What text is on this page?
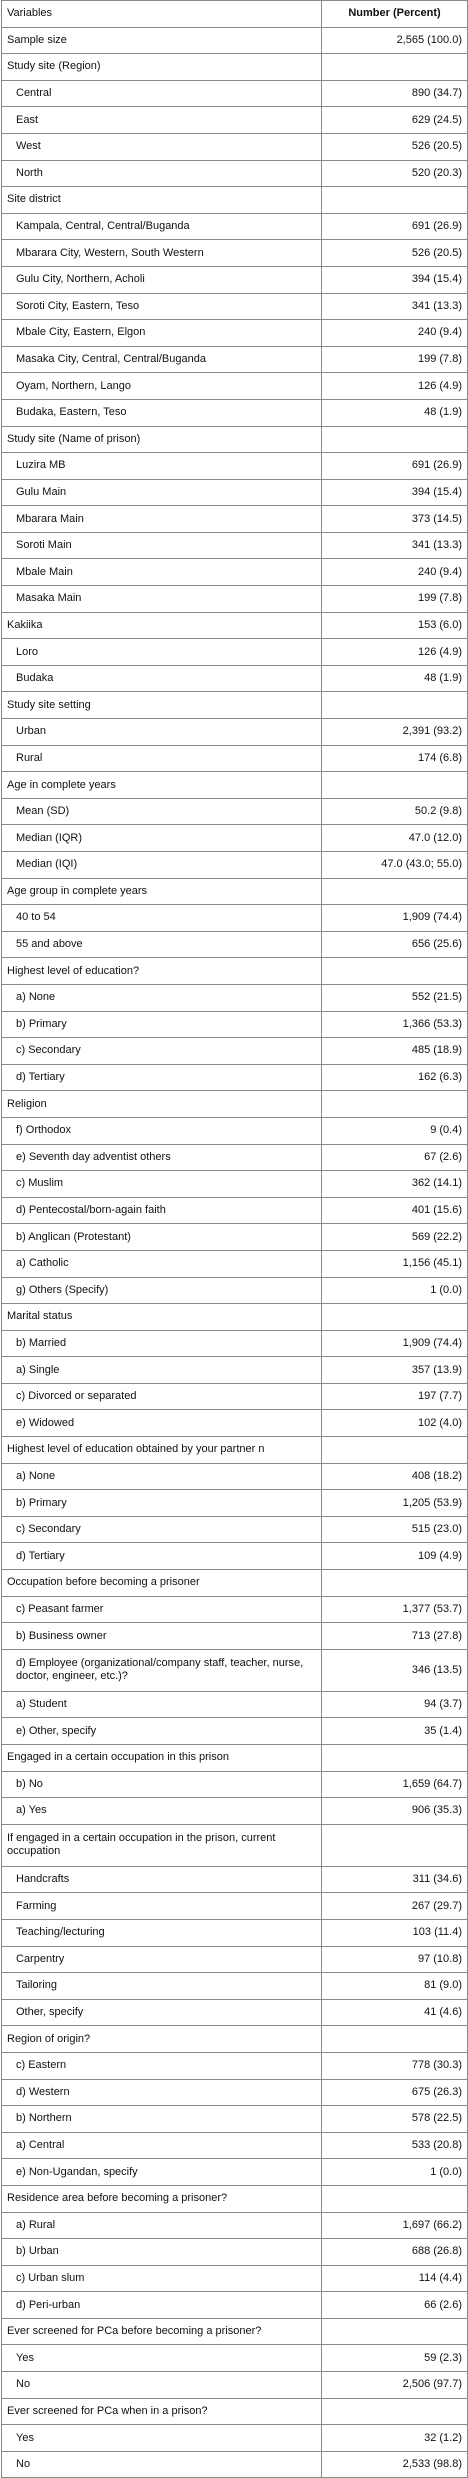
Variables	Number (Percent)
Sample size	2,565 (100.0)
Study site (Region)	
Central	890 (34.7)
East	629 (24.5)
West	526 (20.5)
North	520 (20.3)
Site district	
Kampala, Central, Central/Buganda	691 (26.9)
Mbarara City, Western, South Western	526 (20.5)
Gulu City, Northern, Acholi	394 (15.4)
Soroti City, Eastern, Teso	341 (13.3)
Mbale City, Eastern, Elgon	240 (9.4)
Masaka City, Central, Central/Buganda	199 (7.8)
Oyam, Northern, Lango	126 (4.9)
Budaka, Eastern, Teso	48 (1.9)
Study site (Name of prison)	
Luzira MB	691 (26.9)
Gulu Main	394 (15.4)
Mbarara Main	373 (14.5)
Soroti Main	341 (13.3)
Mbale Main	240 (9.4)
Masaka Main	199 (7.8)
Kakiika	153 (6.0)
Loro	126 (4.9)
Budaka	48 (1.9)
Study site setting	
Urban	2,391 (93.2)
Rural	174 (6.8)
Age in complete years	
Mean (SD)	50.2 (9.8)
Median (IQR)	47.0 (12.0)
Median (IQI)	47.0 (43.0; 55.0)
Age group in complete years	
40 to 54	1,909 (74.4)
55 and above	656 (25.6)
Highest level of education?	
a) None	552 (21.5)
b) Primary	1,366 (53.3)
c) Secondary	485 (18.9)
d) Tertiary	162 (6.3)
Religion	
f) Orthodox	9 (0.4)
e) Seventh day adventist others	67 (2.6)
c) Muslim	362 (14.1)
d) Pentecostal/born-again faith	401 (15.6)
b) Anglican (Protestant)	569 (22.2)
a) Catholic	1,156 (45.1)
g) Others (Specify)	1 (0.0)
Marital status	
b) Married	1,909 (74.4)
a) Single	357 (13.9)
c) Divorced or separated	197 (7.7)
e) Widowed	102 (4.0)
Highest level of education obtained by your partner n	
a) None	408 (18.2)
b) Primary	1,205 (53.9)
c) Secondary	515 (23.0)
d) Tertiary	109 (4.9)
Occupation before becoming a prisoner	
c) Peasant farmer	1,377 (53.7)
b) Business owner	713 (27.8)
d) Employee (organizational/company staff, teacher, nurse, doctor, engineer, etc.)?	346 (13.5)
a) Student	94 (3.7)
e) Other, specify	35 (1.4)
Engaged in a certain occupation in this prison	
b) No	1,659 (64.7)
a) Yes	906 (35.3)
If engaged in a certain occupation in the prison, current occupation	
Handcrafts	311 (34.6)
Farming	267 (29.7)
Teaching/lecturing	103 (11.4)
Carpentry	97 (10.8)
Tailoring	81 (9.0)
Other, specify	41 (4.6)
Region of origin?	
c) Eastern	778 (30.3)
d) Western	675 (26.3)
b) Northern	578 (22.5)
a) Central	533 (20.8)
e) Non-Ugandan, specify	1 (0.0)
Residence area before becoming a prisoner?	
a) Rural	1,697 (66.2)
b) Urban	688 (26.8)
c) Urban slum	114 (4.4)
d) Peri-urban	66 (2.6)
Ever screened for PCa before becoming a prisoner?	
Yes	59 (2.3)
No	2,506 (97.7)
Ever screened for PCa when in a prison?	
Yes	32 (1.2)
No	2,533 (98.8)
